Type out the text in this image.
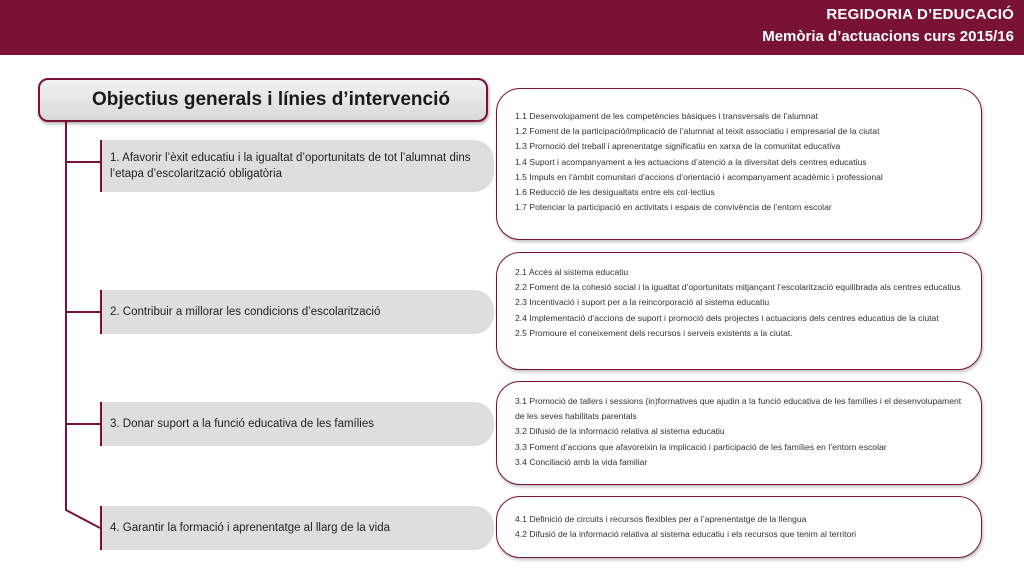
REGIDORIA D’EDUCACIÓ
Memòria d’actuacions curs 2015/16
Objectius generals i línies d’intervenció
1. Afavorir l’èxit educatiu i la igualtat d’oportunitats de tot l’alumnat dins l’etapa d’escolarització obligatòria
1.1 Desenvolupament de les competències bàsiques i transversals de l’alumnat
1.2 Foment de la participació/implicació de l’alumnat al teixit associatiu i empresarial de la ciutat
1.3 Promoció del treball i aprenentatge significatiu en xarxa de la comunitat educativa
1.4 Suport i acompanyament a les actuacions d’atenció a la diversitat dels centres educatius
1.5 Impuls en l’àmbit comunitari d’accions d’orientació i acompanyament acadèmic i professional
1.6 Reducció de les desigualtats entre els col·lectius
1.7 Potenciar la participació en activitats i espais de convivència de l’entorn escolar
2. Contribuir a millorar les condicions d’escolarització
2.1 Accés al sistema educatiu
2.2 Foment de la cohesió social i la igualtat d’oportunitats mitjançant l’escolarització equilibrada als centres educatius
2.3 Incentivació i suport per a la reincorporació al sistema educatiu
2.4 Implementació d’accions de suport i promoció dels projectes i actuacions dels centres educatius de la ciutat
2.5 Promoure el coneixement dels recursos i serveis existents a la ciutat.
3. Donar suport a la funció educativa de les famílies
3.1 Promoció de tallers i sessions (in)formatives que ajudin a la funció educativa de les famílies i el desenvolupament de les seves habilitats parentals
3.2 Difusió de la informació relativa al sistema educatiu
3.3 Foment d’accions que afavoreixin la implicació i participació de les famílies en l’entorn escolar
3.4 Conciliació amb la vida familiar
4. Garantir la formació i aprenentatge al llarg de la vida
4.1 Definició de circuits i recursos flexibles per a l’aprenentatge de la llengua
4.2 Difusió de la informació relativa al sistema educatiu i els recursos que tenim al territori
